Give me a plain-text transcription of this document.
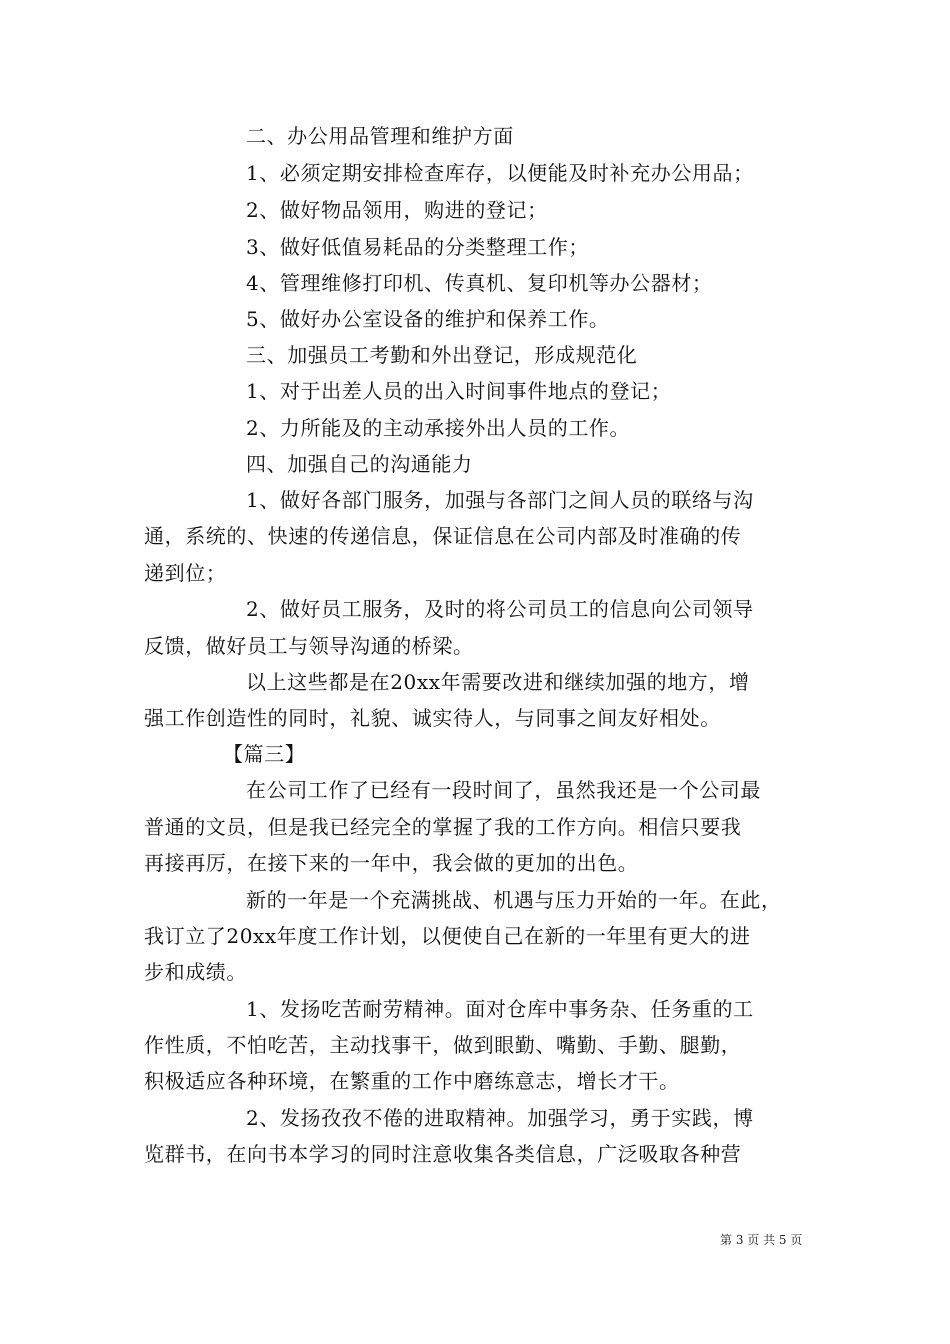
二、办公用品管理和维护方面
1、必须定期安排检查库存，以便能及时补充办公用品；
2、做好物品领用，购进的登记；
3、做好低值易耗品的分类整理工作；
4、管理维修打印机、传真机、复印机等办公器材；
5、做好办公室设备的维护和保养工作。
三、加强员工考勤和外出登记，形成规范化
1、对于出差人员的出入时间事件地点的登记；
2、力所能及的主动承接外出人员的工作。
四、加强自己的沟通能力
1、做好各部门服务，加强与各部门之间人员的联络与沟
通，系统的、快速的传递信息，保证信息在公司内部及时准确的传
递到位；
2、做好员工服务，及时的将公司员工的信息向公司领导
反馈，做好员工与领导沟通的桥梁。
以上这些都是在20xx年需要改进和继续加强的地方，增
强工作创造性的同时，礼貌、诚实待人，与同事之间友好相处。
【篇三】
在公司工作了已经有一段时间了，虽然我还是一个公司最
普通的文员，但是我已经完全的掌握了我的工作方向。相信只要我
再接再厉，在接下来的一年中，我会做的更加的出色。
新的一年是一个充满挑战、机遇与压力开始的一年。在此，
我订立了20xx年度工作计划，以便使自己在新的一年里有更大的进
步和成绩。
1、发扬吃苦耐劳精神。面对仓库中事务杂、任务重的工
作性质，不怕吃苦，主动找事干，做到眼勤、嘴勤、手勤、腿勤，
积极适应各种环境，在繁重的工作中磨练意志，增长才干。
2、发扬孜孜不倦的进取精神。加强学习，勇于实践，博
览群书，在向书本学习的同时注意收集各类信息，广泛吸取各种营
第 3 页 共 5 页
